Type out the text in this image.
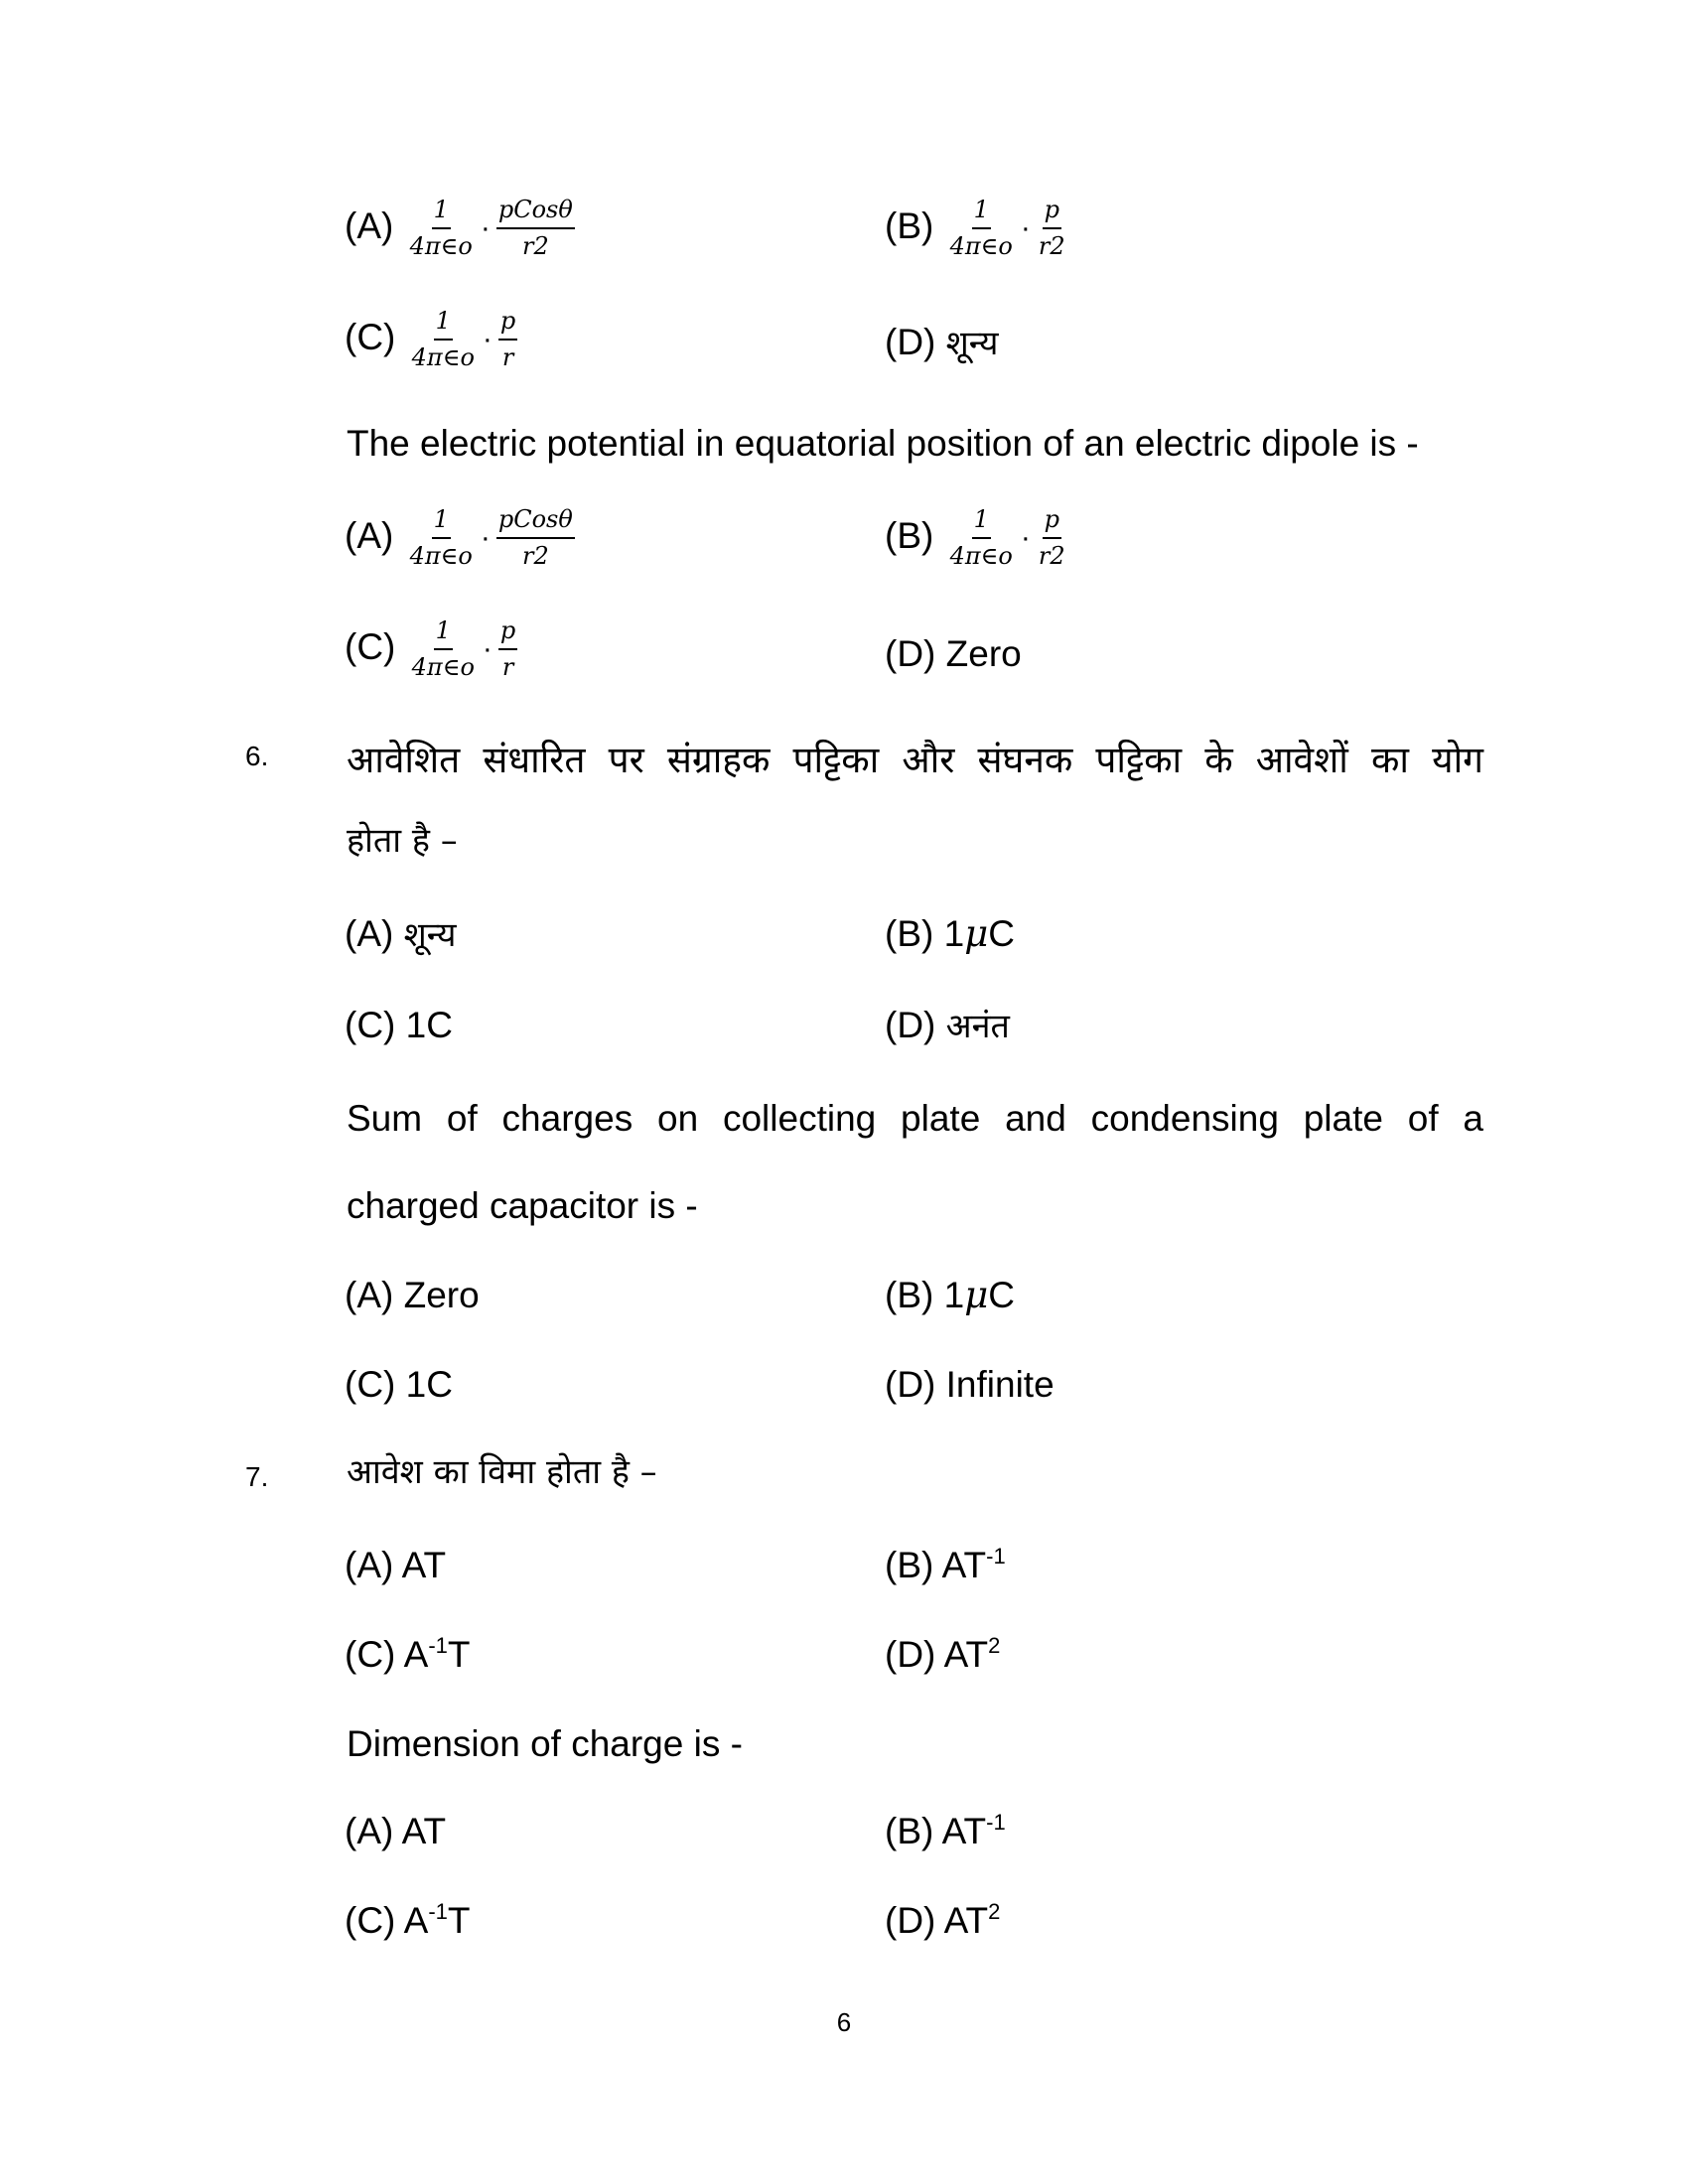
$(A) \frac{1}{4\pi\in o} \cdot \frac{\text{pCosθ}}{r2}$	$(B) \frac{1}{4\pi\in o} \cdot \frac{p}{r2}$
$(C) \frac{1}{4\pi\in o} \cdot \frac{p}{r}$	(D) शून्य
The electric potential in equatorial position of an electric dipole is -
$(A) \frac{1}{4\pi\in o} \cdot \frac{\text{pCosθ}}{r2}$	$(B) \frac{1}{4\pi\in o} \cdot \frac{p}{r2}$
$(C) \frac{1}{4\pi\in o} \cdot \frac{p}{r}$	(D) Zero
6. आवेशित संधारित पर संग्राहक पट्टिका और संघनक पट्टिका के आवेशों का योग
होता है –
(A) शून्य	(B) 1μC
(C) 1C	(D) अनंत
Sum of charges on collecting plate and condensing plate of a
charged capacitor is -
(A) Zero	(B) 1μC
(C) 1C	(D) Infinite
7. आवेश का विमा होता है –
(A) AT	(B) $AT^{-1}$
(C) $A^{-1}T$	(D) $AT^2$
Dimension of charge is -
(A) AT	(B) $AT^{-1}$
(C) $A^{-1}T$	(D) $AT^2$
6
